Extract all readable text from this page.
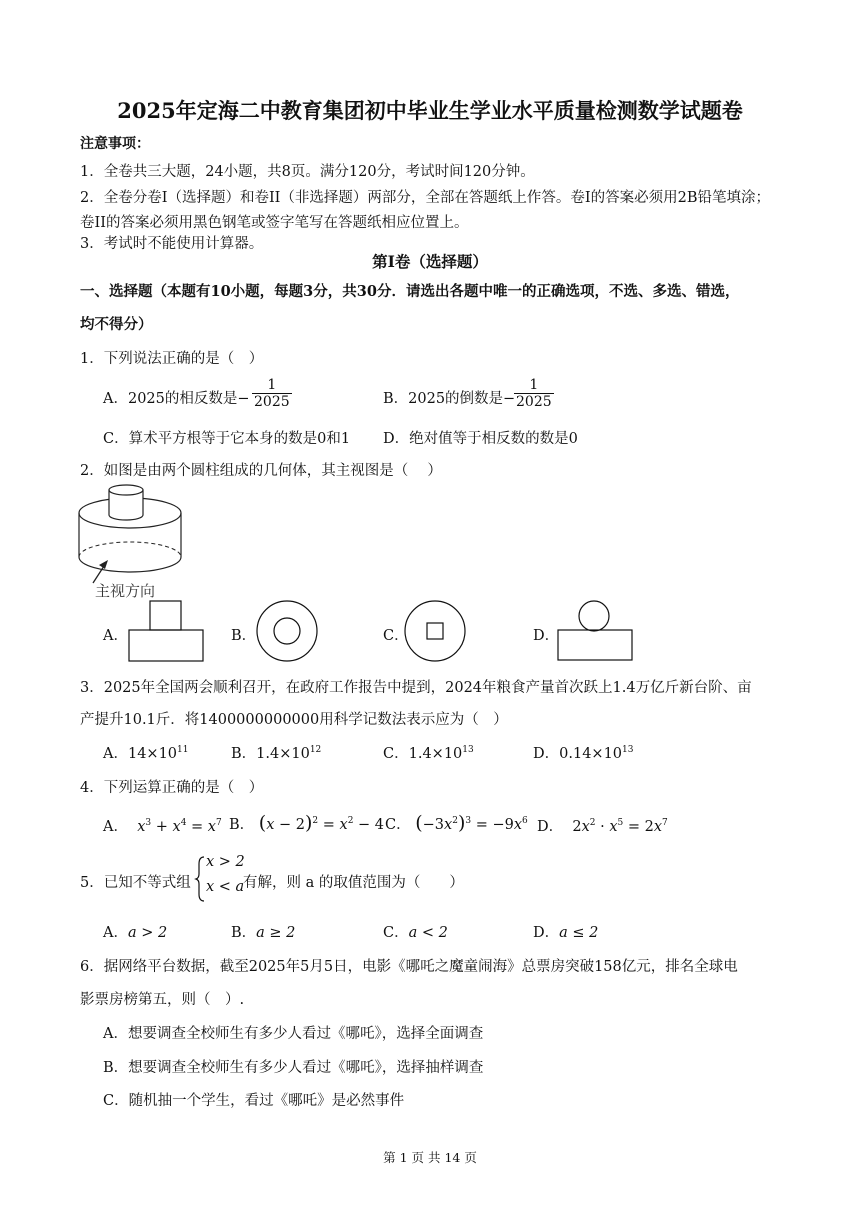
2025年定海二中教育集团初中毕业生学业水平质量检测数学试题卷
注意事项：
1．全卷共三大题，24小题，共8页。满分120分，考试时间120分钟。
2．全卷分卷I（选择题）和卷II（非选择题）两部分，全部在答题纸上作答。卷I的答案必须用2B铅笔填涂；
卷II的答案必须用黑色钢笔或签字笔写在答题纸相应位置上。
3．考试时不能使用计算器。
第I卷（选择题）
一、选择题（本题有10小题，每题3分，共30分．请选出各题中唯一的正确选项，不选、多选、错选，
均不得分）
1．下列说法正确的是（　）
A．2025的相反数是− $\frac{1}{2025}$	B．2025的倒数是−
$\frac{1}{2025}$
C．算术平方根等于它本身的数是0和1 D．绝对值等于相反数的数是0
2．如图是由两个圆柱组成的几何体，其主视图是（　 ）
主视方向
A．	B．	C．	D．
3．2025年全国两会顺利召开，在政府工作报告中提到，2024年粮食产量首次跃上1.4万亿斤新台阶、亩
产提升10.1斤．将1400000000000用科学记数法表示应为（　）
A．$14\times 10^{11}$	B．$1.4\times 10^{12}$	C．$1.4\times 10^{13}$	D．$0.14\times 10^{13}$
4．下列运算正确的是（　）
A． $x^3 + x^4 = x^7$ B． $(x - 2)^2 = x^2 - 4$ C． $(-3x^2)^3 = -9x^6$ D．  $2x^2 \cdot x^5 = 2x^7$
5．已知不等式组
x > 2
x < a
有解，则 a 的取值范围为（　　）
A．a > 2	B．a ≥ 2	C．a < 2	D．a ≤ 2
6．据网络平台数据，截至2025年5月5日，电影《哪吒之魔童闹海》总票房突破158亿元，排名全球电
影票房榜第五，则（　）.
A．想要调查全校师生有多少人看过《哪吒》，选择全面调查
B．想要调查全校师生有多少人看过《哪吒》，选择抽样调查
C．随机抽一个学生，看过《哪吒》是必然事件
第 1 页 共 14 页
